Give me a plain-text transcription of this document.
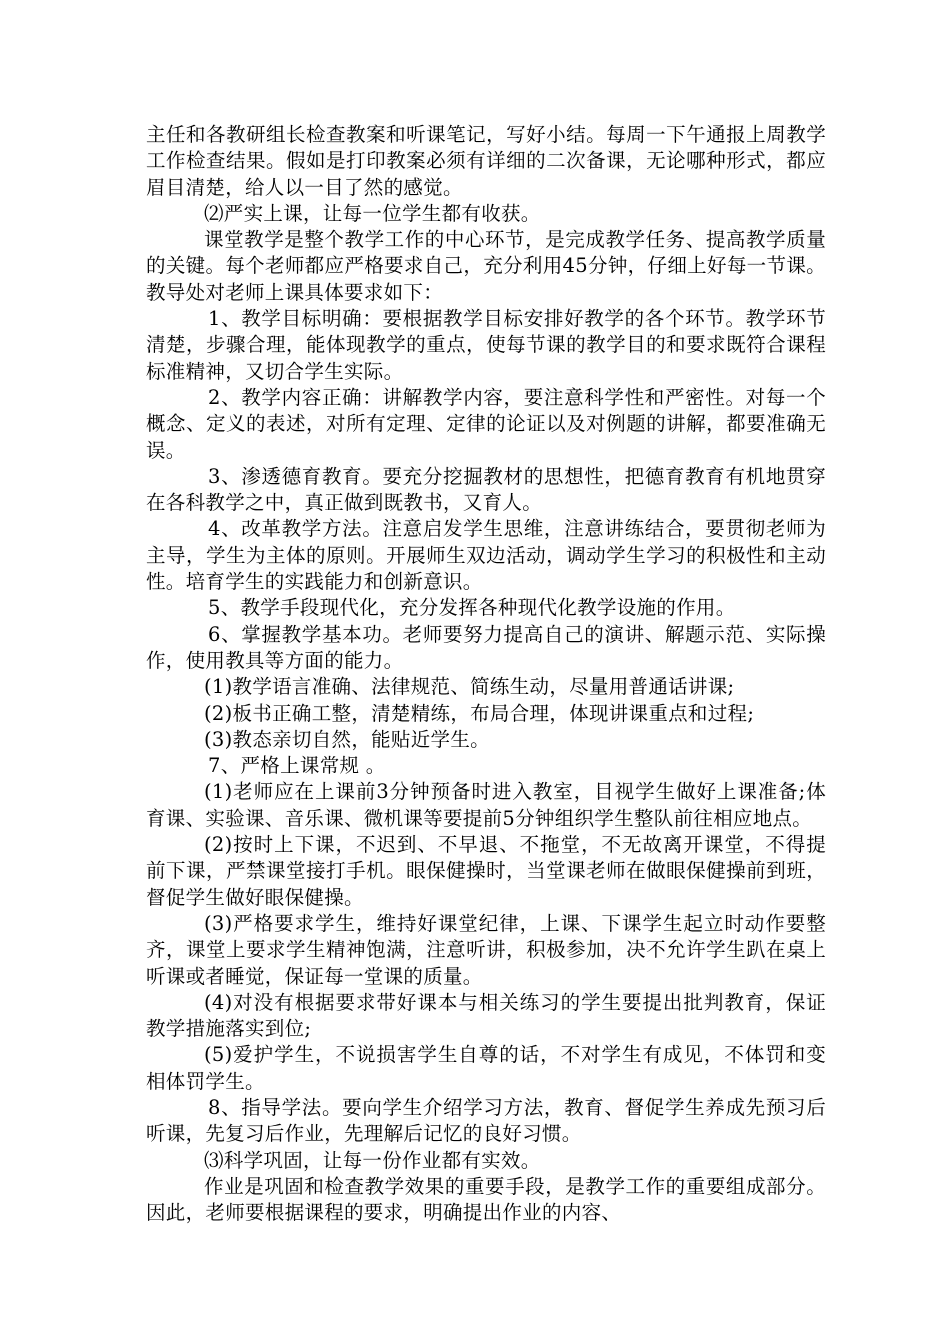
主任和各教研组长检查教案和听课笔记，写好小结。每周一下午通报上周教学工作检查结果。假如是打印教案必须有详细的二次备课，无论哪种形式，都应眉目清楚，给人以一目了然的感觉。

⑵严实上课，让每一位学生都有收获。

课堂教学是整个教学工作的中心环节，是完成教学任务、提高教学质量的关键。每个老师都应严格要求自己，充分利用45分钟，仔细上好每一节课。教导处对老师上课具体要求如下：

1、教学目标明确：要根据教学目标安排好教学的各个环节。教学环节清楚，步骤合理，能体现教学的重点，使每节课的教学目的和要求既符合课程标准精神，又切合学生实际。

2、教学内容正确：讲解教学内容，要注意科学性和严密性。对每一个概念、定义的表述，对所有定理、定律的论证以及对例题的讲解，都要准确无误。

3、渗透德育教育。要充分挖掘教材的思想性，把德育教育有机地贯穿在各科教学之中，真正做到既教书，又育人。

4、改革教学方法。注意启发学生思维，注意讲练结合，要贯彻老师为主导，学生为主体的原则。开展师生双边活动，调动学生学习的积极性和主动性。培育学生的实践能力和创新意识。

5、教学手段现代化，充分发挥各种现代化教学设施的作用。

6、掌握教学基本功。老师要努力提高自己的演讲、解题示范、实际操作，使用教具等方面的能力。

(1)教学语言准确、法律规范、简练生动，尽量用普通话讲课;

(2)板书正确工整，清楚精练，布局合理，体现讲课重点和过程;

(3)教态亲切自然，能贴近学生。

7、严格上课常规 。

(1)老师应在上课前3分钟预备时进入教室，目视学生做好上课准备;体育课、实验课、音乐课、微机课等要提前5分钟组织学生整队前往相应地点。

(2)按时上下课，不迟到、不早退、不拖堂，不无故离开课堂，不得提前下课，严禁课堂接打手机。眼保健操时，当堂课老师在做眼保健操前到班，督促学生做好眼保健操。

(3)严格要求学生，维持好课堂纪律，上课、下课学生起立时动作要整齐，课堂上要求学生精神饱满，注意听讲，积极参加，决不允许学生趴在桌上听课或者睡觉，保证每一堂课的质量。

(4)对没有根据要求带好课本与相关练习的学生要提出批判教育，保证教学措施落实到位;

(5)爱护学生，不说损害学生自尊的话，不对学生有成见，不体罚和变相体罚学生。

8、指导学法。要向学生介绍学习方法，教育、督促学生养成先预习后听课，先复习后作业，先理解后记忆的良好习惯。

⑶科学巩固，让每一份作业都有实效。

作业是巩固和检查教学效果的重要手段，是教学工作的重要组成部分。因此，老师要根据课程的要求，明确提出作业的内容、
